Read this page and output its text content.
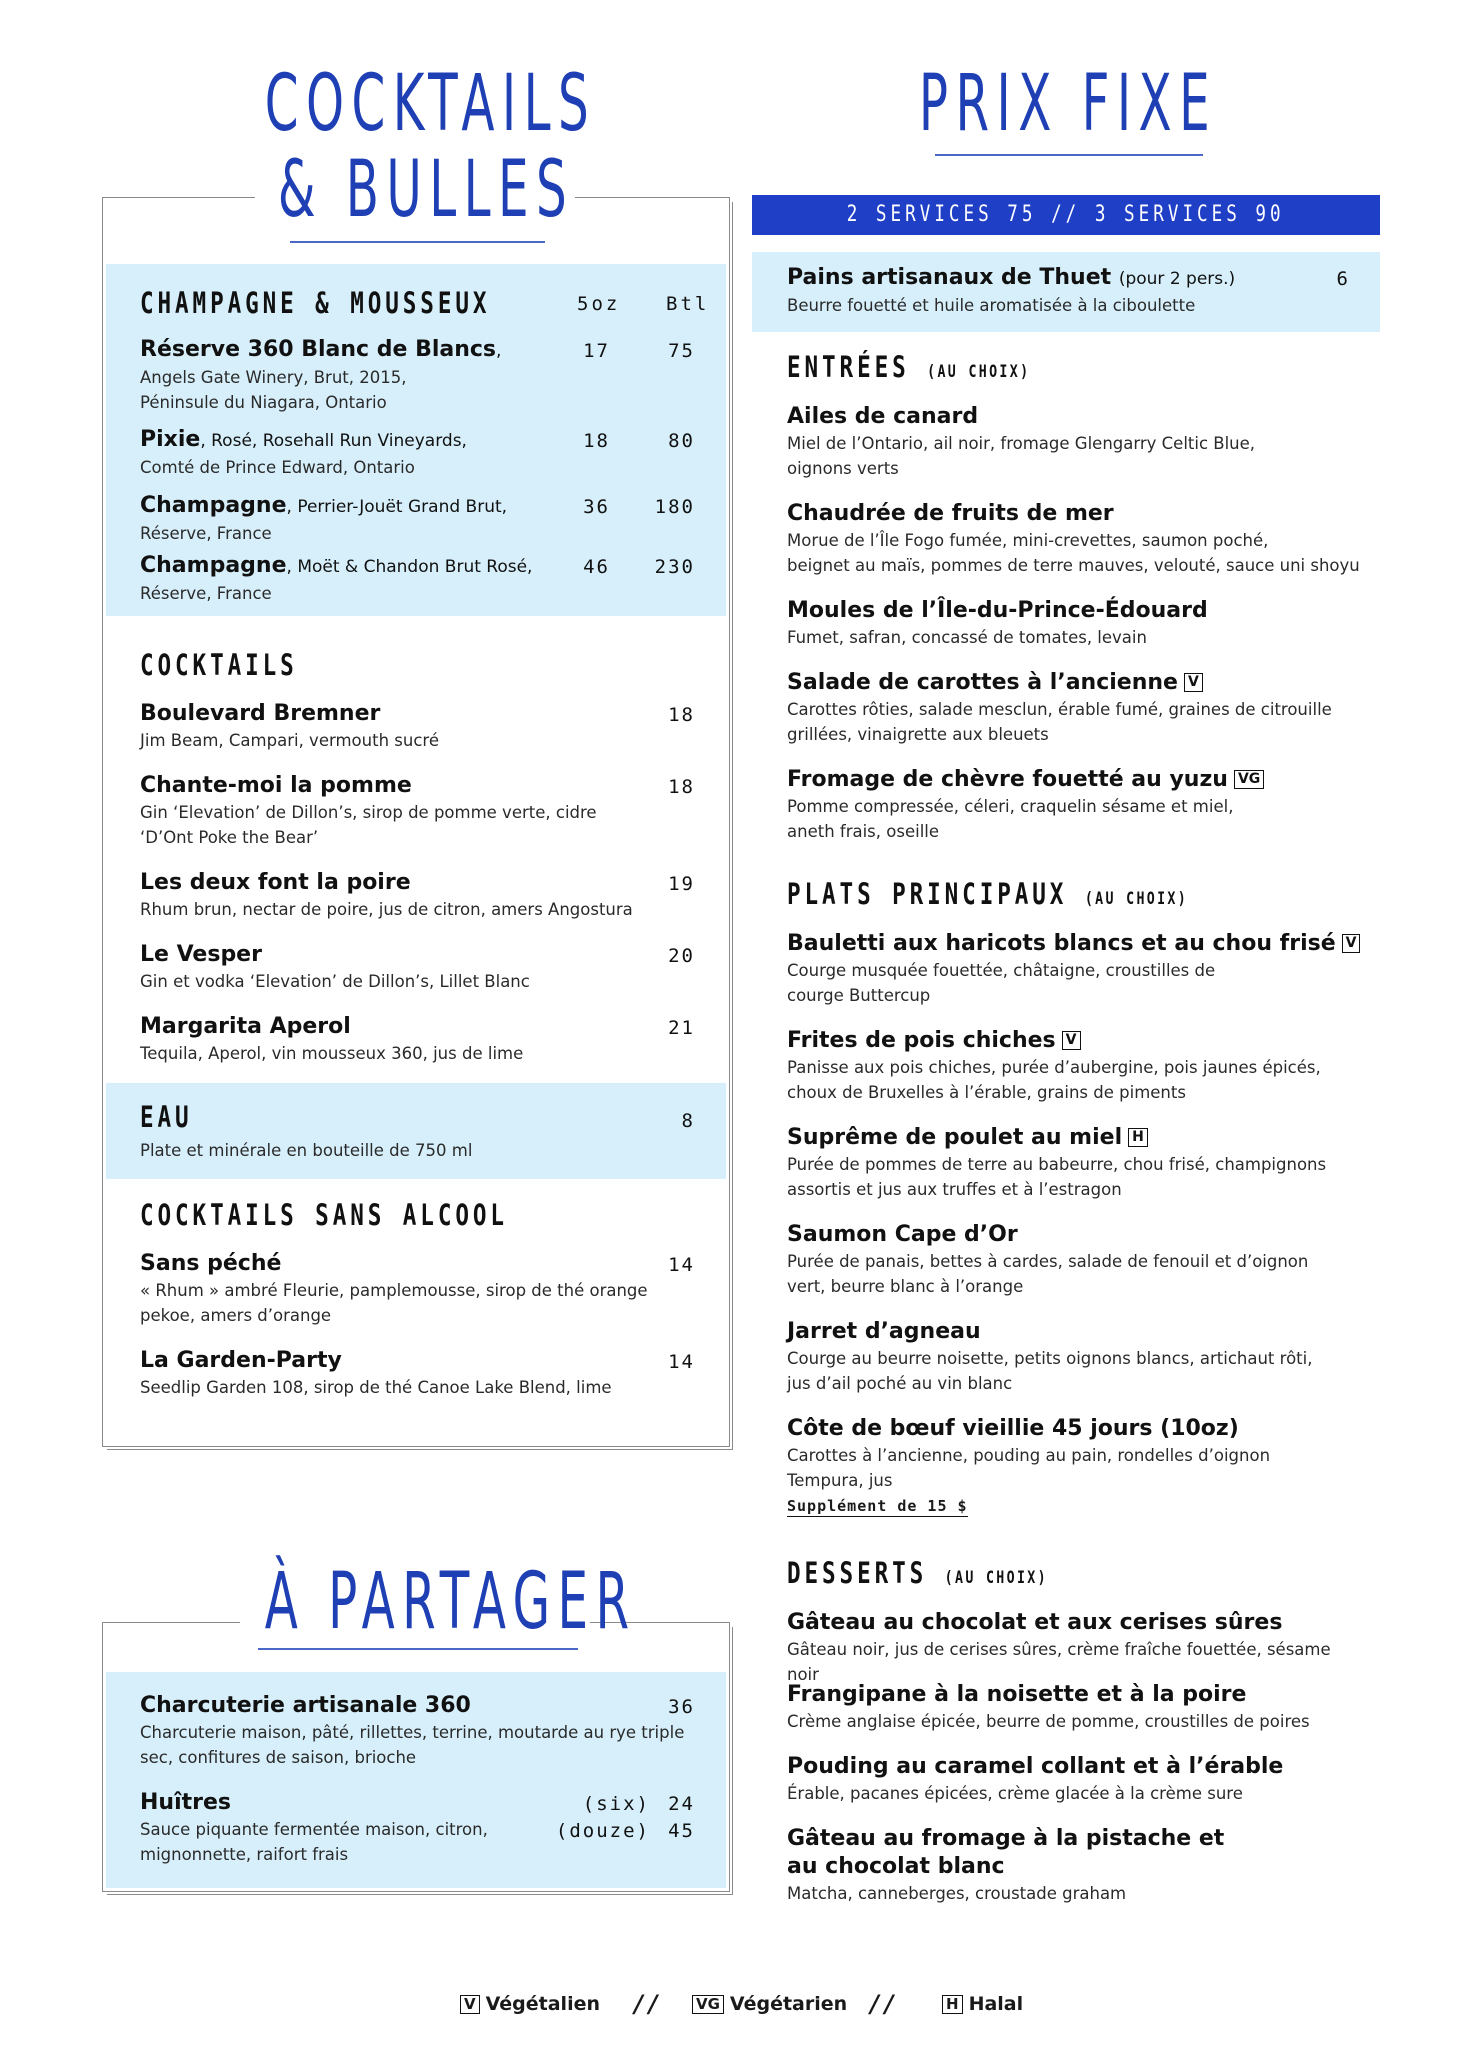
COCKTAILS
& BULLES
CHAMPAGNE & MOUSSEUX	5oz Btl
Réserve 360 Blanc de Blancs,
Angels Gate Winery, Brut, 2015,
Péninsule du Niagara, Ontario
17	75
Pixie, Rosé, Rosehall Run Vineyards,
Comté de Prince Edward, Ontario
18	80
Champagne, Perrier-Jouët Grand Brut,
Réserve, France
36	180
Champagne, Moët & Chandon Brut Rosé,
Réserve, France
46	230
COCKTAILS
Boulevard Bremner
Jim Beam, Campari, vermouth sucré
18
Chante-moi la pomme
Gin ‘Elevation’ de Dillon’s, sirop de pomme verte, cidre
‘D’Ont Poke the Bear’
18
Les deux font la poire
Rhum brun, nectar de poire, jus de citron, amers Angostura
19
Le Vesper
Gin et vodka ‘Elevation’ de Dillon’s, Lillet Blanc
20
Margarita Aperol
Tequila, Aperol, vin mousseux 360, jus de lime
21
EAU
Plate et minérale en bouteille de 750 ml
8
COCKTAILS SANS ALCOOL
Sans péché
« Rhum » ambré Fleurie, pamplemousse, sirop de thé orange
pekoe, amers d’orange
14
La Garden-Party
Seedlip Garden 108, sirop de thé Canoe Lake Blend, lime
14
À PARTAGER
Charcuterie artisanale 360
Charcuterie maison, pâté, rillettes, terrine, moutarde au rye triple
sec, confitures de saison, brioche
36
Huîtres
Sauce piquante fermentée maison, citron,
mignonnette, raifort frais
(six) 24
(douze) 45
PRIX FIXE
2 SERVICES 75 // 3 SERVICES 90
Pains artisanaux de Thuet (pour 2 pers.)
Beurre fouetté et huile aromatisée à la ciboulette
6
ENTRÉES (AU CHOIX)
Ailes de canard
Miel de l’Ontario, ail noir, fromage Glengarry Celtic Blue,
oignons verts
Chaudrée de fruits de mer
Morue de l’Île Fogo fumée, mini-crevettes, saumon poché,
beignet au maïs, pommes de terre mauves, velouté, sauce uni shoyu
Moules de l’Île-du-Prince-Édouard
Fumet, safran, concassé de tomates, levain
Salade de carottes à l’ancienne V
Carottes rôties, salade mesclun, érable fumé, graines de citrouille
grillées, vinaigrette aux bleuets
Fromage de chèvre fouetté au yuzu VG
Pomme compressée, céleri, craquelin sésame et miel,
aneth frais, oseille
PLATS PRINCIPAUX (AU CHOIX)
Bauletti aux haricots blancs et au chou frisé V
Courge musquée fouettée, châtaigne, croustilles de
courge Buttercup
Frites de pois chiches V
Panisse aux pois chiches, purée d’aubergine, pois jaunes épicés,
choux de Bruxelles à l’érable, grains de piments
Suprême de poulet au miel H
Purée de pommes de terre au babeurre, chou frisé, champignons
assortis et jus aux truffes et à l’estragon
Saumon Cape d’Or
Purée de panais, bettes à cardes, salade de fenouil et d’oignon
vert, beurre blanc à l’orange
Jarret d’agneau
Courge au beurre noisette, petits oignons blancs, artichaut rôti,
jus d’ail poché au vin blanc
Côte de bœuf vieillie 45 jours (10oz)
Carottes à l’ancienne, pouding au pain, rondelles d’oignon
Tempura, jus
Supplément de 15 $
DESSERTS (AU CHOIX)
Gâteau au chocolat et aux cerises sûres
Gâteau noir, jus de cerises sûres, crème fraîche fouettée, sésame noir
Frangipane à la noisette et à la poire
Crème anglaise épicée, beurre de pomme, croustilles de poires
Pouding au caramel collant et à l’érable
Érable, pacanes épicées, crème glacée à la crème sure
Gâteau au fromage à la pistache et
au chocolat blanc
Matcha, canneberges, croustade graham
V Végétalien // VG Végétarien //	H Halal
